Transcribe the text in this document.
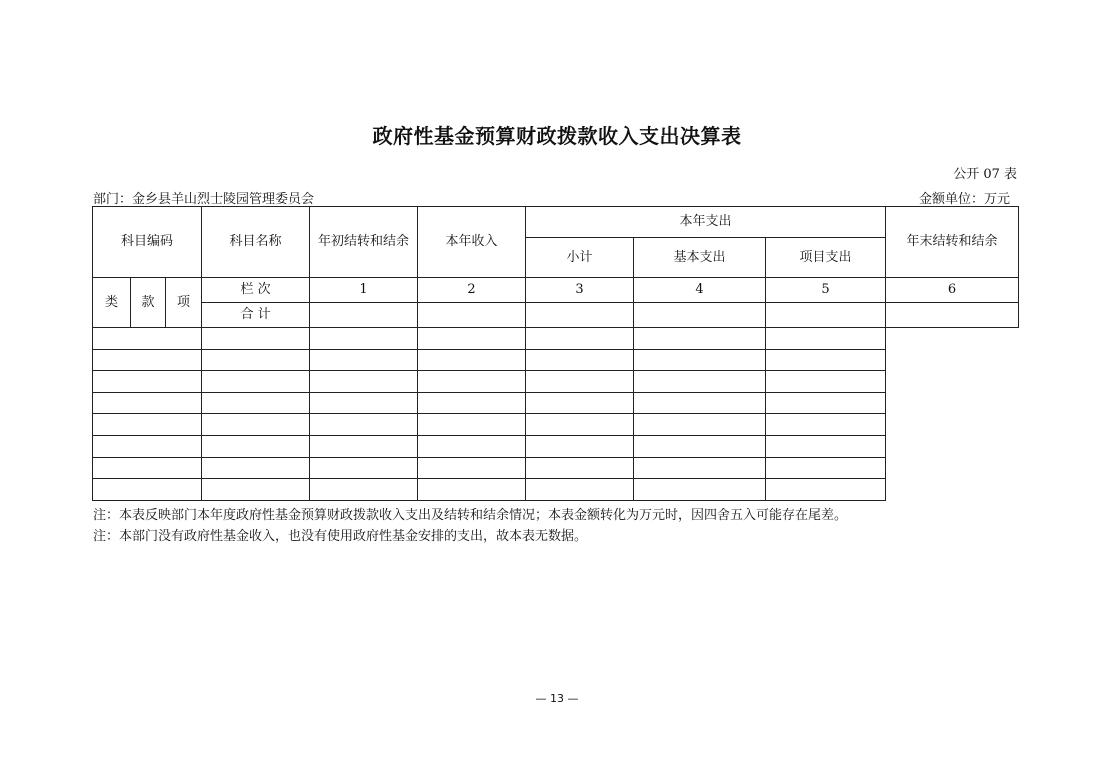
政府性基金预算财政拨款收入支出决算表
公开 07 表
部门：金乡县羊山烈士陵园管理委员会	金额单位：万元
科目编码			科目名称	年初结转和结余	本年收入	本年支出			年末结转和结余
						小计	基本支出	项目支出	
类	款	项	栏 次	1	2	3	4	5	6
			合 计						

注：本表反映部门本年度政府性基金预算财政拨款收入支出及结转和结余情况；本表金额转化为万元时，因四舍五入可能存在尾差。
注：本部门没有政府性基金收入，也没有使用政府性基金安排的支出，故本表无数据。
— 13 —
